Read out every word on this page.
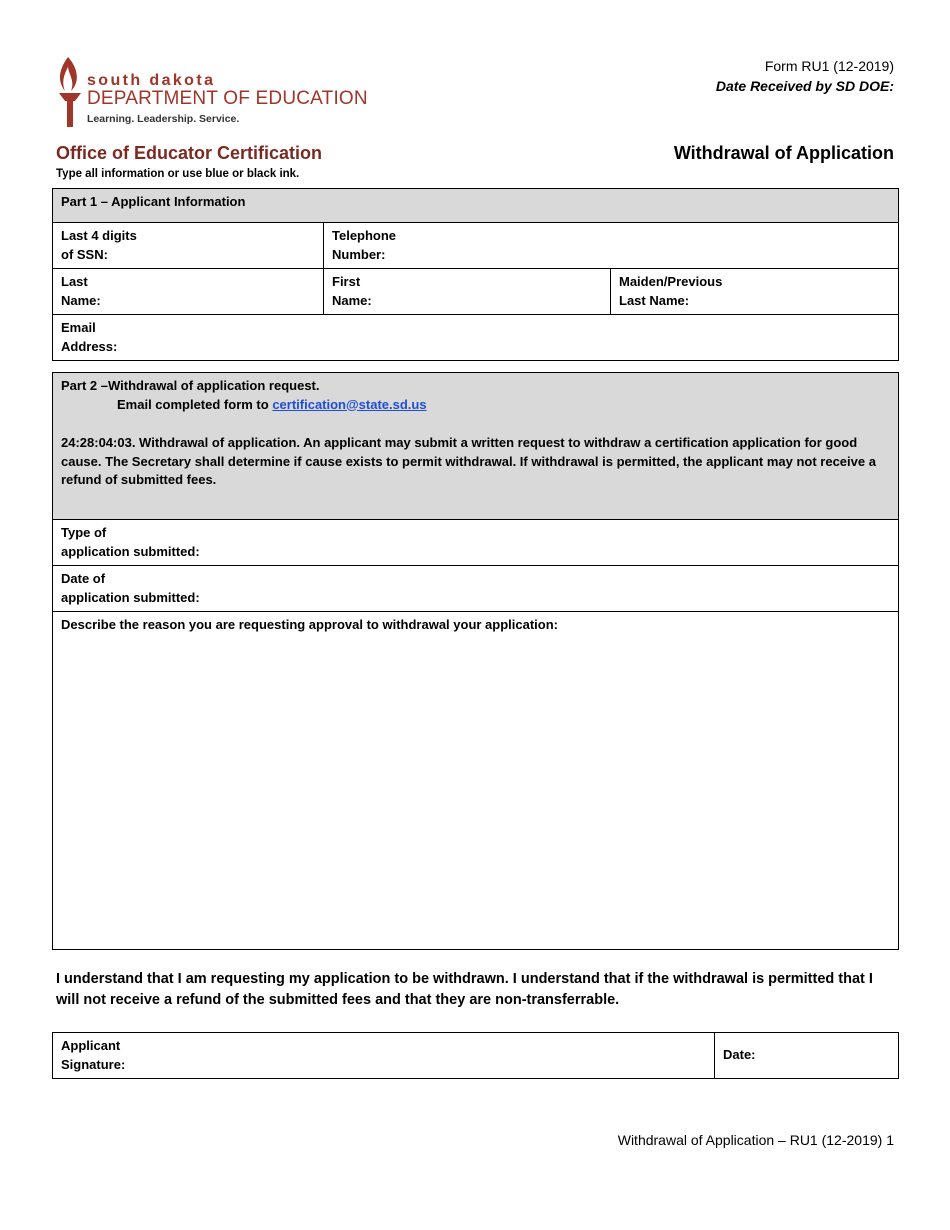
south dakota
DEPARTMENT OF EDUCATION
Learning. Leadership. Service.
Form RU1 (12-2019)
Date Received by SD DOE:
Office of Educator Certification	Withdrawal of Application
Type all information or use blue or black ink.
Part 1 – Applicant Information		
Last 4 digits
of SSN:	Telephone
Number:	
Last
Name:	First
Name:	Maiden/Previous
Last Name:
Email
Address:		
Part 2 –Withdrawal of application request.
Email completed form to certification@state.sd.us
24:28:04:03. Withdrawal of application. An applicant may submit a written request to withdraw a certification application for good cause. The Secretary shall determine if cause exists to permit withdrawal. If withdrawal is permitted, the applicant may not receive a refund of submitted fees.

Type of
application submitted:
Date of
application submitted:
Describe the reason you are requesting approval to withdrawal your application:
I understand that I am requesting my application to be withdrawn. I understand that if the withdrawal is permitted that I will not receive a refund of the submitted fees and that they are non-transferrable.
Applicant
Signature:	Date:
Withdrawal of Application – RU1 (12-2019) 1
